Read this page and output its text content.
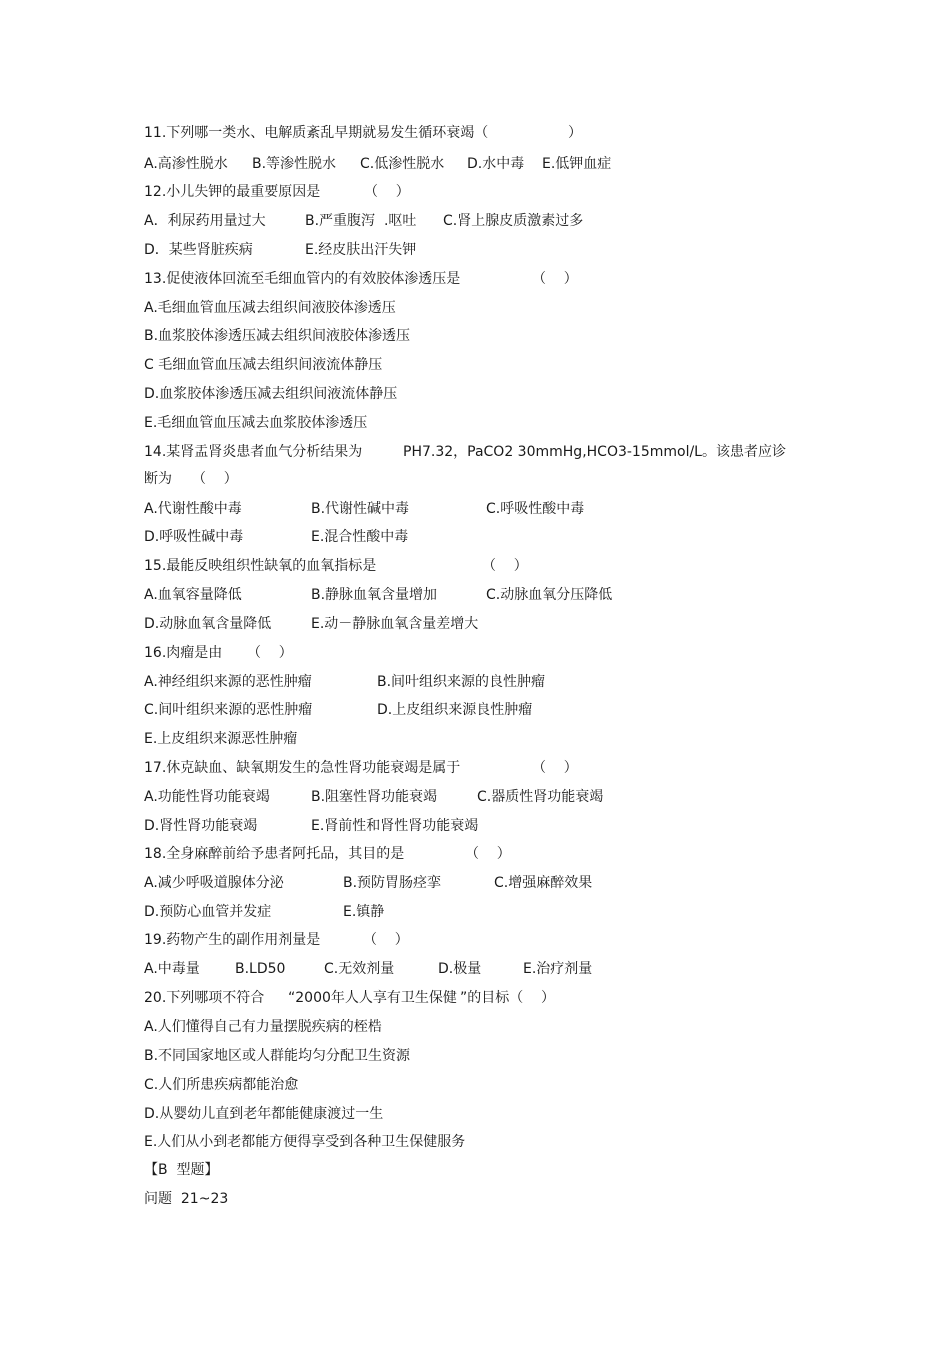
11.下列哪一类水、电解质紊乱早期就易发生循环衰竭（	）
A.高渗性脱水 B.等渗性脱水 C.低渗性脱水 D.水中毒 E.低钾血症
12.小儿失钾的最重要原因是	（    ）
A．利尿药用量过大	B.严重腹泻  .呕吐 C.肾上腺皮质激素过多
D．某些肾脏疾病	E.经皮肤出汗失钾
13.促使液体回流至毛细血管内的有效胶体渗透压是	（    ）
A.毛细血管血压减去组织间液胶体渗透压
B.血浆胶体渗透压减去组织间液胶体渗透压
C 毛细血管血压减去组织间液流体静压
D.血浆胶体渗透压减去组织间液流体静压
E.毛细血管血压减去血浆胶体渗透压
14.某肾盂肾炎患者血气分析结果为	PH7.32，PaCO2 30mmHg,HCO3-15mmol/L 。该患者应诊
断为 （    ）
A.代谢性酸中毒	B.代谢性碱中毒	C.呼吸性酸中毒
D.呼吸性碱中毒	E.混合性酸中毒
15.最能反映组织性缺氧的血氧指标是	（    ）
A.血氧容量降低	B.静脉血氧含量增加	C.动脉血氧分压降低
D.动脉血氧含量降低	E.动－静脉血氧含量差增大
16.肉瘤是由 （    ）
A.神经组织来源的恶性肿瘤	B.间叶组织来源的良性肿瘤
C.间叶组织来源的恶性肿瘤	D.上皮组织来源良性肿瘤
E.上皮组织来源恶性肿瘤
17.休克缺血、缺氧期发生的急性肾功能衰竭是属于	（    ）
A.功能性肾功能衰竭	B.阻塞性肾功能衰竭	C.器质性肾功能衰竭
D.肾性肾功能衰竭	E.肾前性和肾性肾功能衰竭
18.全身麻醉前给予患者阿托品，其目的是	（    ）
A.减少呼吸道腺体分泌	B.预防胃肠痉挛	C.增强麻醉效果
D.预防心血管并发症	E.镇静
19.药物产生的副作用剂量是	（    ）
A.中毒量	B.LD50	C.无效剂量	D.极量	E.治疗剂量
20.下列哪项不符合 “2000年人人享有卫生保健 ”的目标（    ）
A.人们懂得自己有力量摆脱疾病的桎梏
B.不同国家地区或人群能均匀分配卫生资源
C.人们所患疾病都能治愈
D.从婴幼儿直到老年都能健康渡过一生
E.人们从小到老都能方便得享受到各种卫生保健服务
【B  型题】
问题  21~23
